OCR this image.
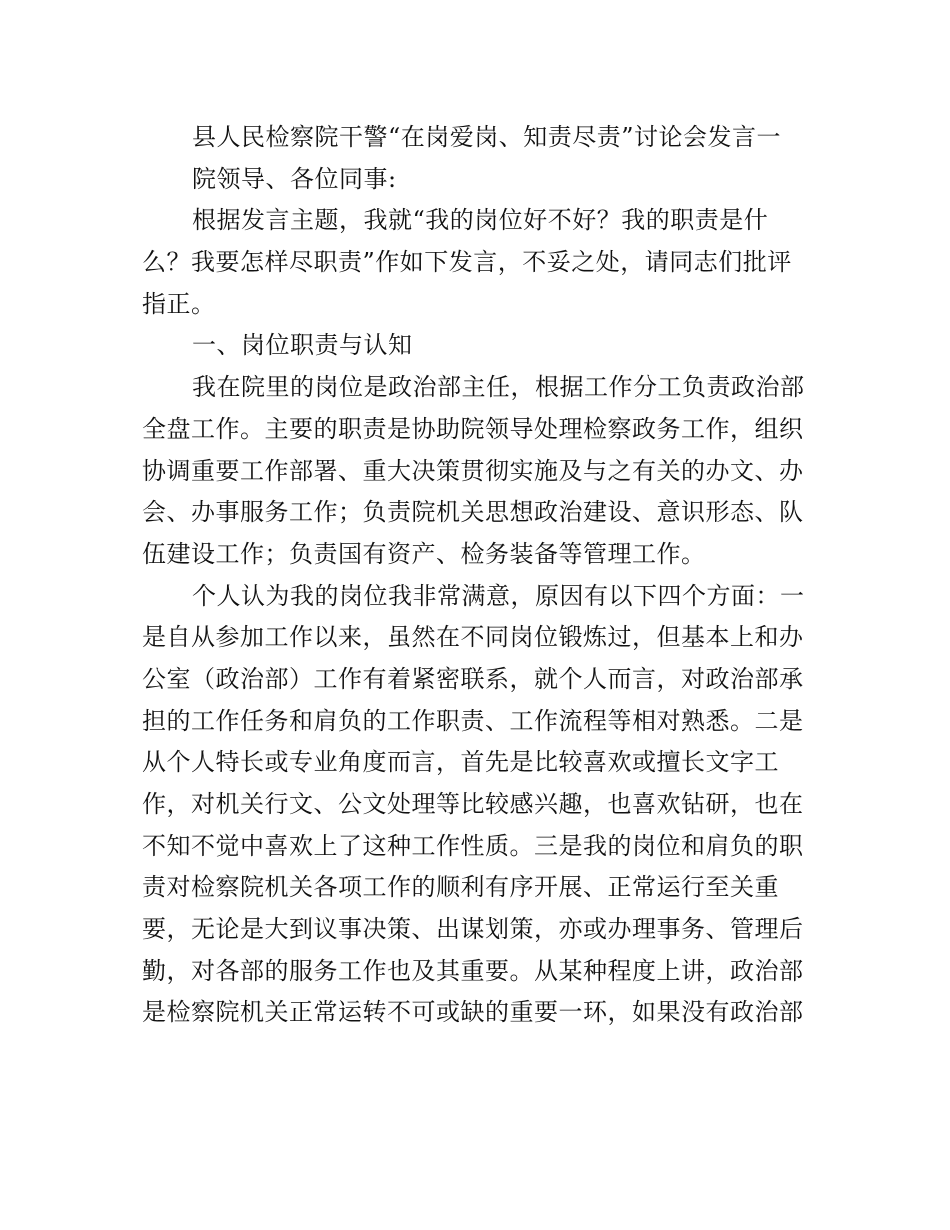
县人民检察院干警“在岗爱岗、知责尽责”讨论会发言一
院领导、各位同事:
根据发言主题，我就“我的岗位好不好？我的职责是什
么？我要怎样尽职责”作如下发言，不妥之处，请同志们批评
指正。
一、岗位职责与认知
我在院里的岗位是政治部主任，根据工作分工负责政治部
全盘工作。主要的职责是协助院领导处理检察政务工作，组织
协调重要工作部署、重大决策贯彻实施及与之有关的办文、办
会、办事服务工作；负责院机关思想政治建设、意识形态、队
伍建设工作；负责国有资产、检务装备等管理工作。
个人认为我的岗位我非常满意，原因有以下四个方面：一
是自从参加工作以来，虽然在不同岗位锻炼过，但基本上和办
公室（政治部）工作有着紧密联系，就个人而言，对政治部承
担的工作任务和肩负的工作职责、工作流程等相对熟悉。二是
从个人特长或专业角度而言，首先是比较喜欢或擅长文字工
作，对机关行文、公文处理等比较感兴趣，也喜欢钻研，也在
不知不觉中喜欢上了这种工作性质。三是我的岗位和肩负的职
责对检察院机关各项工作的顺利有序开展、正常运行至关重
要，无论是大到议事决策、出谋划策，亦或办理事务、管理后
勤，对各部的服务工作也及其重要。从某种程度上讲，政治部
是检察院机关正常运转不可或缺的重要一环，如果没有政治部
